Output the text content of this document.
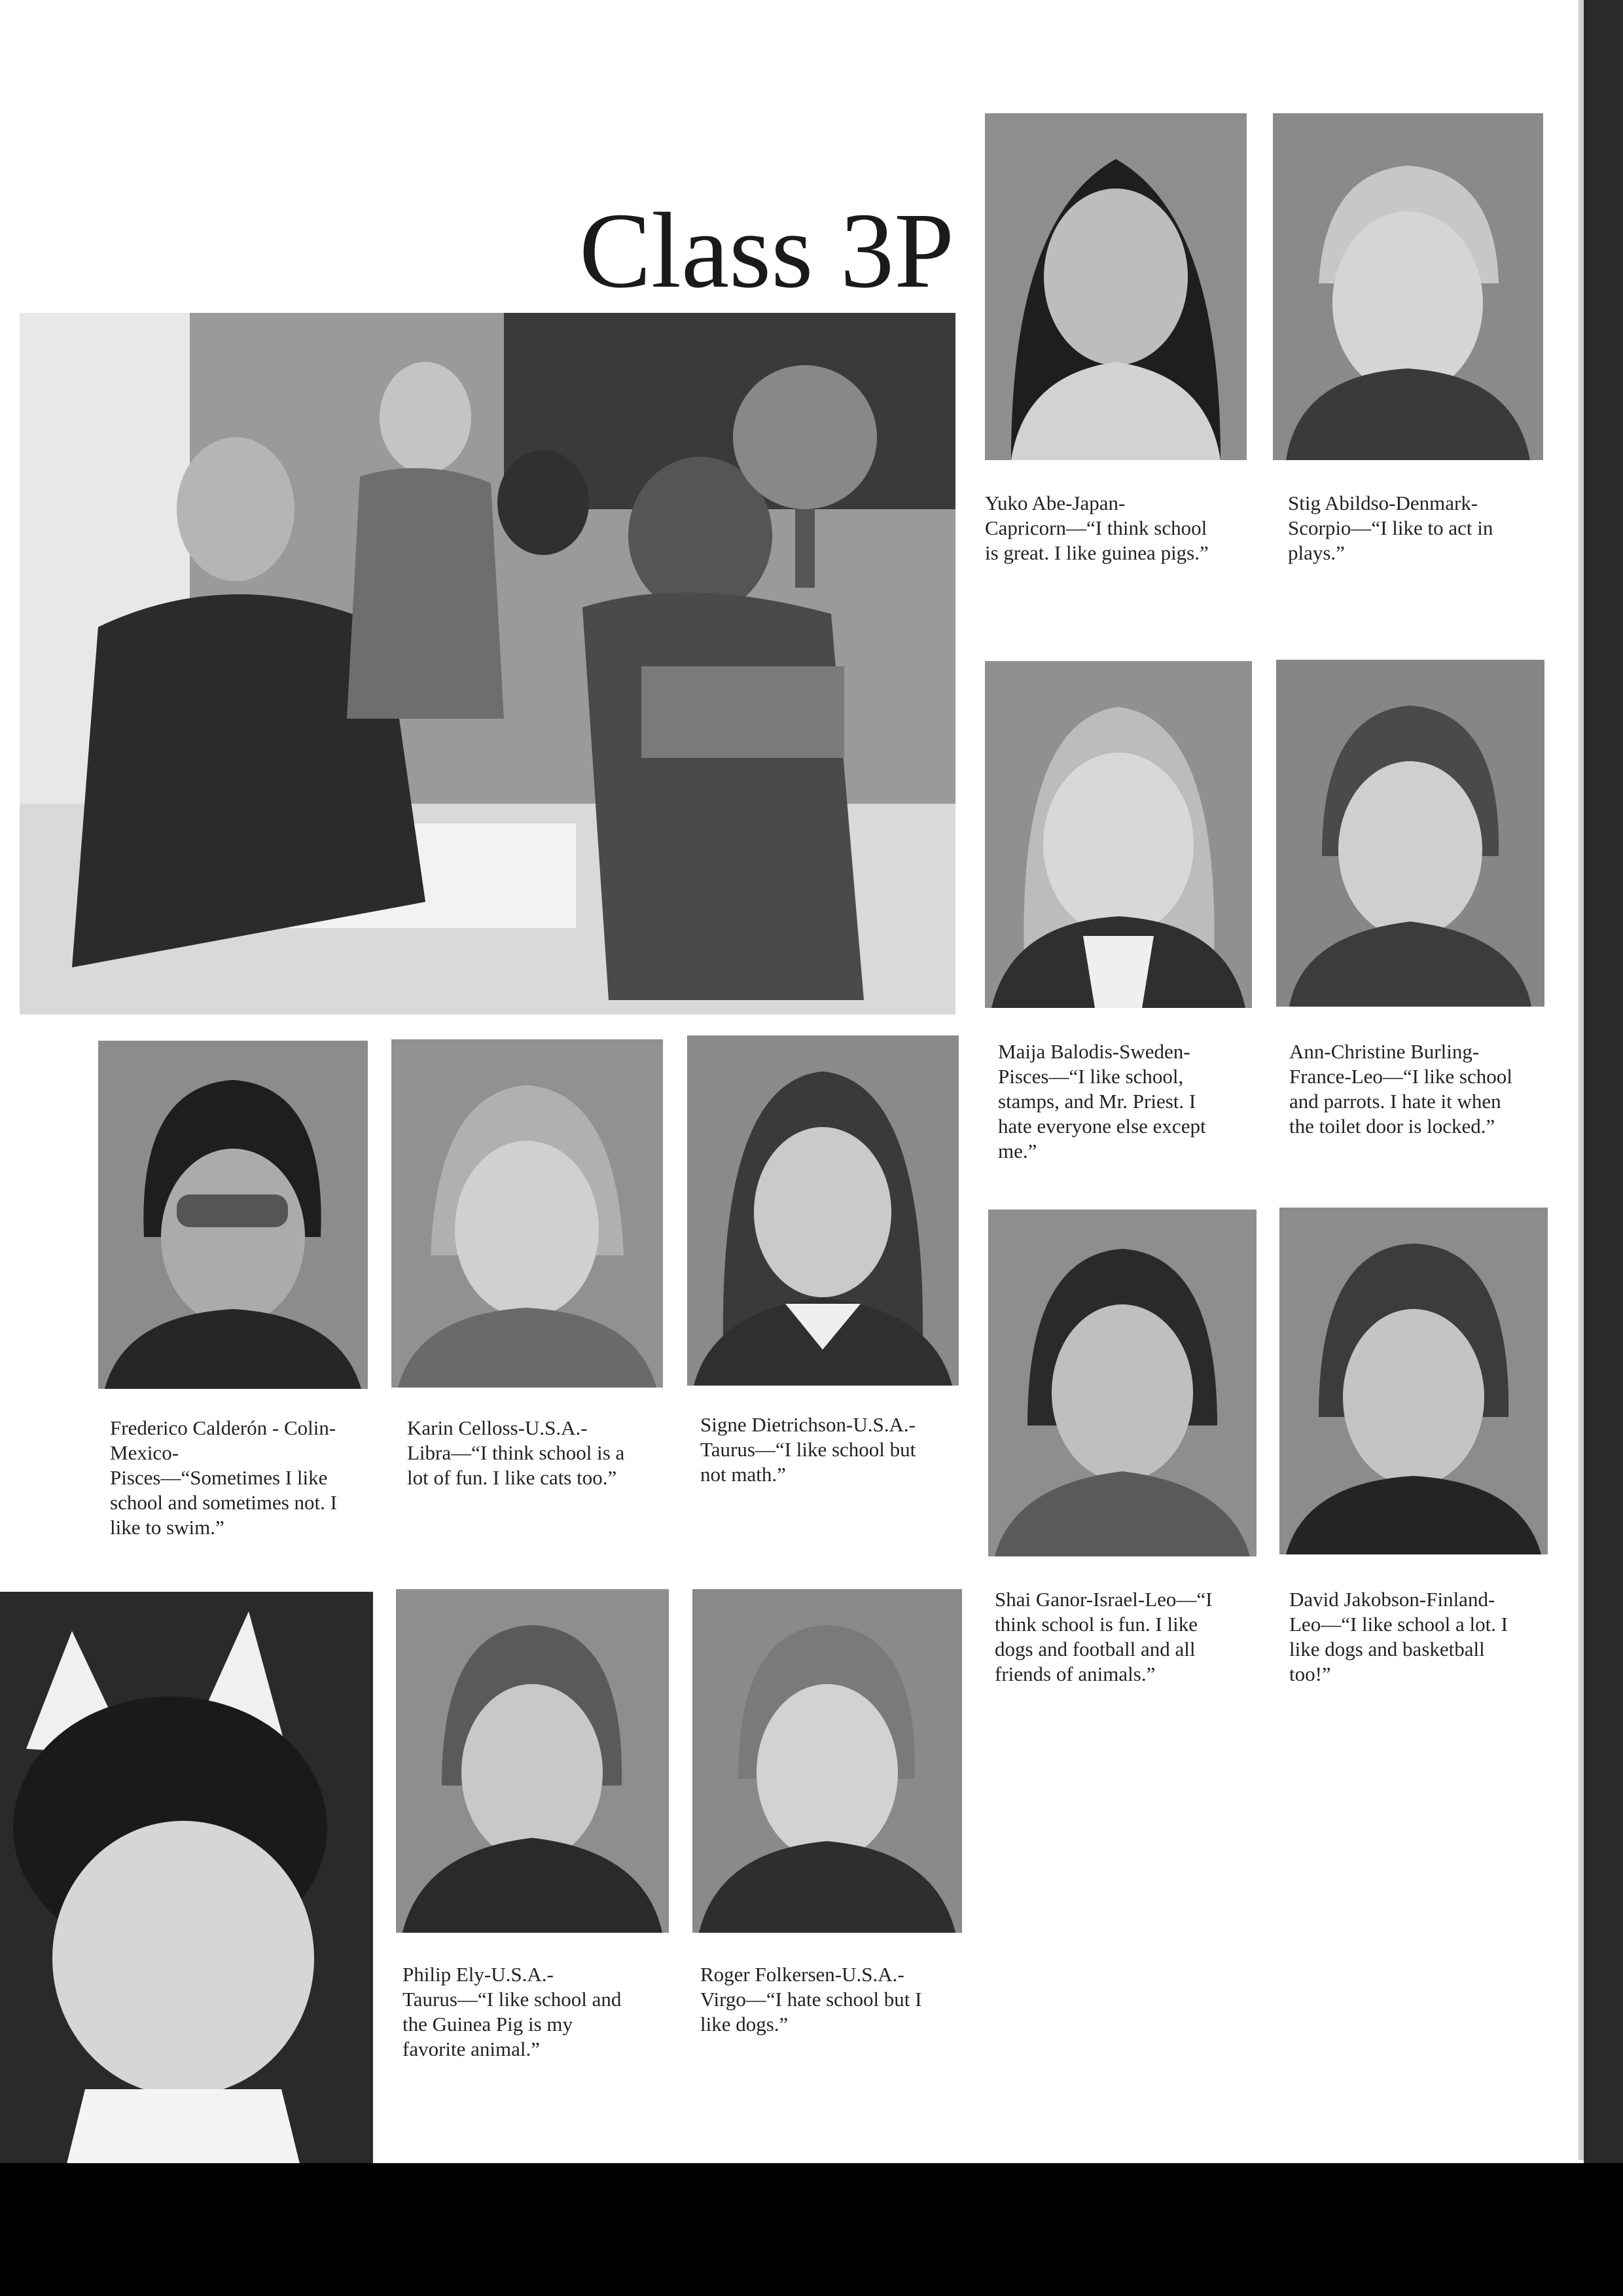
Class 3P
Yuko Abe-Japan-
Capricorn—“I think school
is great. I like guinea pigs.”
Stig Abildso-Denmark-
Scorpio—“I like to act in
plays.”
Maija Balodis-Sweden-
Pisces—“I like school,
stamps, and Mr. Priest. I
hate everyone else except
me.”
Ann-Christine Burling-
France-Leo—“I like school
and parrots. I hate it when
the toilet door is locked.”
Frederico Calderón - Colin-
Mexico-
Pisces—“Sometimes I like
school and sometimes not. I
like to swim.”
Karin Celloss-U.S.A.-
Libra—“I think school is a
lot of fun. I like cats too.”
Signe Dietrichson-U.S.A.-
Taurus—“I like school but
not math.”
Shai Ganor-Israel-Leo—“I
think school is fun. I like
dogs and football and all
friends of animals.”
David Jakobson-Finland-
Leo—“I like school a lot. I
like dogs and basketball
too!”
Philip Ely-U.S.A.-
Taurus—“I like school and
the Guinea Pig is my
favorite animal.”
Roger Folkersen-U.S.A.-
Virgo—“I hate school but I
like dogs.”
